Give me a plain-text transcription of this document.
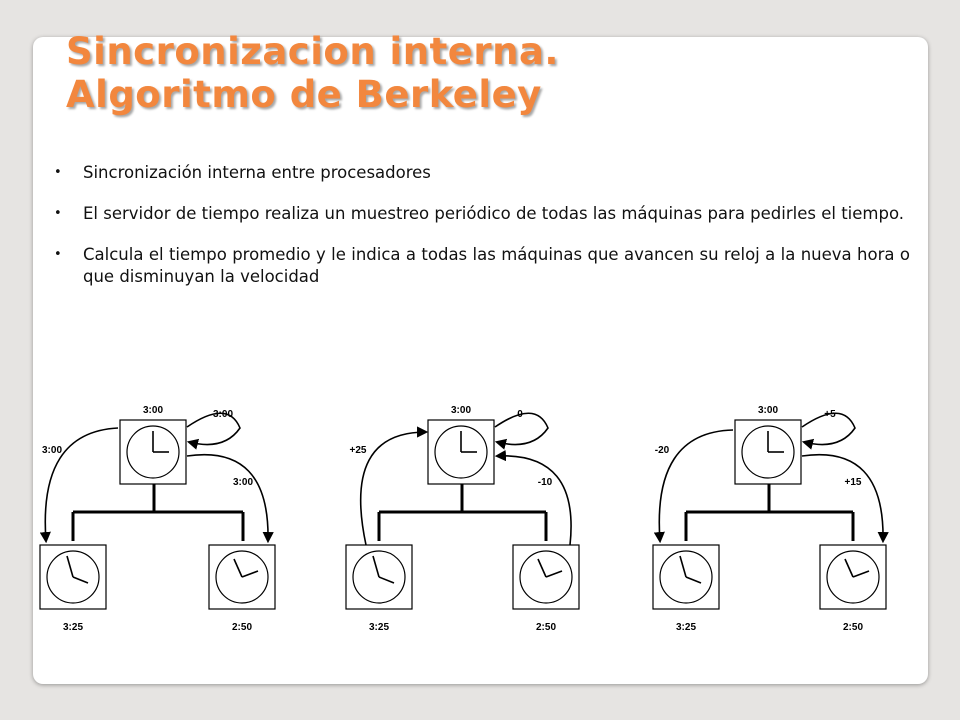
Sincronizacion interna.
Algoritmo de Berkeley
• Sincronización interna entre procesadores
• El servidor de tiempo realiza un muestreo periódico de todas las máquinas para pedirles el tiempo.
• Calcula el tiempo promedio y le indica a todas las máquinas que avancen su reloj a la nueva hora o que disminuyan la velocidad
3:00
3:25	2:50
3:00
3:00
3:00
3:00
3:25	2:50
0
+25
-10
3:00
3:25	2:50
+5
-20
+15
